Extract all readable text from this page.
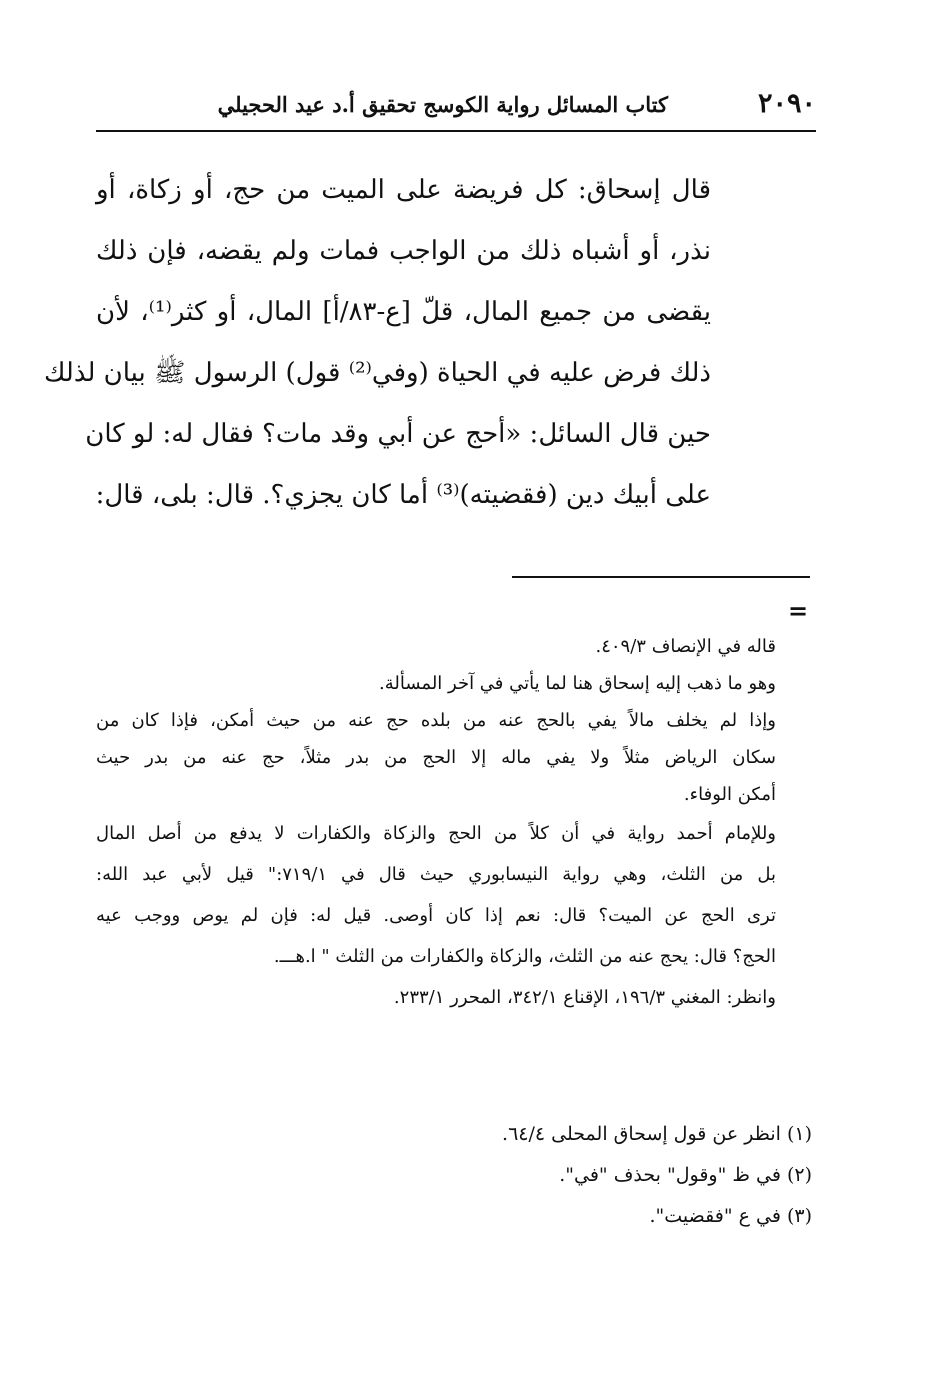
٢٠٩٠
كتاب المسائل رواية الكوسج تحقيق أ.د عيد الحجيلي
قال إسحاق: كل فريضة على الميت من حج، أو زكاة، أو
نذر، أو أشباه ذلك من الواجب فمات ولم يقضه، فإن ذلك
يقضى من جميع المال، قلّ [ع-٨٣/أ] المال، أو كثر⁽¹⁾، لأن
ذلك فرض عليه في الحياة (وفي⁽²⁾ قول) الرسول ﷺ بيان لذلك
حين قال السائل: «أحج عن أبي وقد مات؟ فقال له: لو كان
على أبيك دين (فقضيته)⁽³⁾ أما كان يجزي؟. قال: بلى، قال:
=
قاله في الإنصاف ٤٠٩/٣.
وهو ما ذهب إليه إسحاق هنا لما يأتي في آخر المسألة.
وإذا لم يخلف مالاً يفي بالحج عنه من بلده حج عنه من حيث أمكن، فإذا كان من
سكان الرياض مثلاً ولا يفي ماله إلا الحج من بدر مثلاً، حج عنه من بدر حيث
أمكن الوفاء.
وللإمام أحمد رواية في أن كلاً من الحج والزكاة والكفارات لا يدفع من أصل المال
بل من الثلث، وهي رواية النيسابوري حيث قال في ٧١٩/١:" قيل لأبي عبد الله:
ترى الحج عن الميت؟ قال: نعم إذا كان أوصى. قيل له: فإن لم يوص ووجب عيه
الحج؟ قال: يحج عنه من الثلث، والزكاة والكفارات من الثلث " ا.هـــ.
وانظر: المغني ١٩٦/٣، الإقناع ٣٤٢/١، المحرر ٢٣٣/١.
(١) انظر عن قول إسحاق المحلى ٦٤/٤.
(٢) في ظ "وقول" بحذف "في".
(٣) في ع "فقضيت".
